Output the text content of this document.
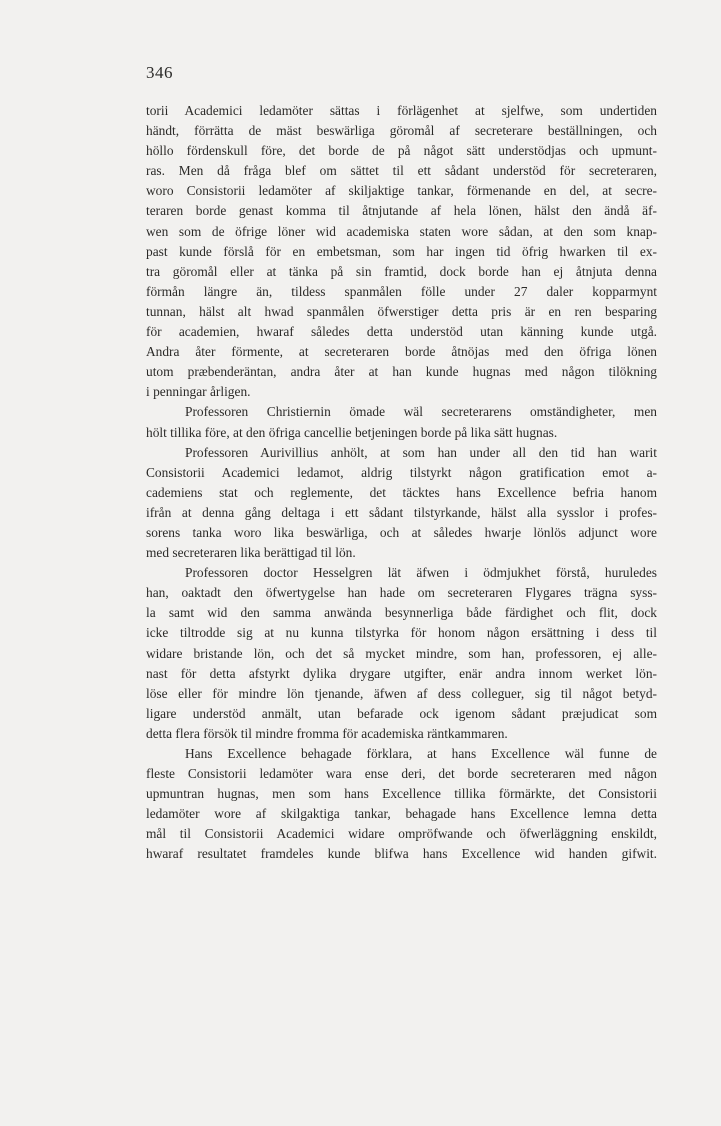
346
torii Academici ledamöter sättas i förlägenhet at sjelfwe, som undertiden
händt, förrätta de mäst beswärliga göromål af secreterare beställningen, och
höllo fördenskull före, det borde de på något sätt understödjas och upmunt-
ras. Men då fråga blef om sättet til ett sådant understöd för secreteraren,
woro Consistorii ledamöter af skiljaktige tankar, förmenande en del, at secre-
teraren borde genast komma til åtnjutande af hela lönen, hälst den ändå äf-
wen som de öfrige löner wid academiska staten wore sådan, at den som knap-
past kunde förslå för en embetsman, som har ingen tid öfrig hwarken til ex-
tra göromål eller at tänka på sin framtid, dock borde han ej åtnjuta denna
förmån längre än, tildess spanmålen fölle under 27 daler kopparmynt
tunnan, hälst alt hwad spanmålen öfwerstiger detta pris är en ren besparing
för academien, hwaraf således detta understöd utan känning kunde utgå.
Andra åter förmente, at secreteraren borde åtnöjas med den öfriga lönen
utom præbenderäntan, andra åter at han kunde hugnas med någon tilökning
i penningar årligen.
Professoren Christiernin ömade wäl secreterarens omständigheter, men
hölt tillika före, at den öfriga cancellie betjeningen borde på lika sätt hugnas.
Professoren Aurivillius anhölt, at som han under all den tid han warit
Consistorii Academici ledamot, aldrig tilstyrkt någon gratification emot a-
cademiens stat och reglemente, det täcktes hans Excellence befria hanom
ifrån at denna gång deltaga i ett sådant tilstyrkande, hälst alla sysslor i profes-
sorens tanka woro lika beswärliga, och at således hwarje lönlös adjunct wore
med secreteraren lika berättigad til lön.
Professoren doctor Hesselgren lät äfwen i ödmjukhet förstå, huruledes
han, oaktadt den öfwertygelse han hade om secreteraren Flygares trägna syss-
la samt wid den samma anwända besynnerliga både färdighet och flit, dock
icke tiltrodde sig at nu kunna tilstyrka för honom någon ersättning i dess til
widare bristande lön, och det så mycket mindre, som han, professoren, ej alle-
nast för detta afstyrkt dylika drygare utgifter, enär andra innom werket lön-
löse eller för mindre lön tjenande, äfwen af dess colleguer, sig til något betyd-
ligare understöd anmält, utan befarade ock igenom sådant præjudicat som
detta flera försök til mindre fromma för academiska räntkammaren.
Hans Excellence behagade förklara, at hans Excellence wäl funne de
fleste Consistorii ledamöter wara ense deri, det borde secreteraren med någon
upmuntran hugnas, men som hans Excellence tillika förmärkte, det Consistorii
ledamöter wore af skilgaktiga tankar, behagade hans Excellence lemna detta
mål til Consistorii Academici widare ompröfwande och öfwerläggning enskildt,
hwaraf resultatet framdeles kunde blifwa hans Excellence wid handen gifwit.
